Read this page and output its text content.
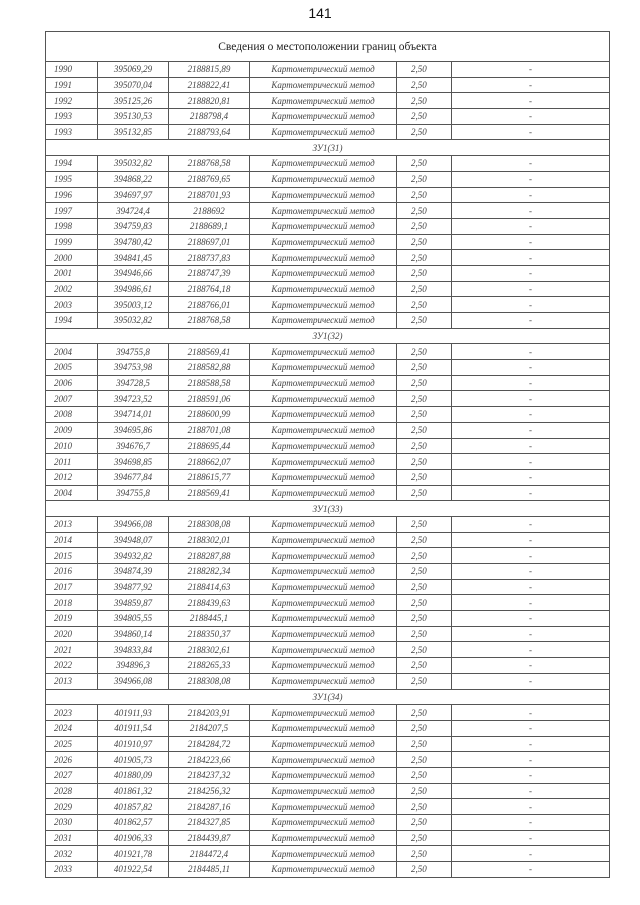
141
Сведения о местоположении границ объекта					
1990	395069,29	2188815,89	Картометрический метод	2,50	-
1991	395070,04	2188822,41	Картометрический метод	2,50	-
1992	395125,26	2188820,81	Картометрический метод	2,50	-
1993	395130,53	2188798,4	Картометрический метод	2,50	-
1993	395132,85	2188793,64	Картометрический метод	2,50	-
ЗУ1(31)					
1994	395032,82	2188768,58	Картометрический метод	2,50	-
1995	394868,22	2188769,65	Картометрический метод	2,50	-
1996	394697,97	2188701,93	Картометрический метод	2,50	-
1997	394724,4	2188692	Картометрический метод	2,50	-
1998	394759,83	2188689,1	Картометрический метод	2,50	-
1999	394780,42	2188697,01	Картометрический метод	2,50	-
2000	394841,45	2188737,83	Картометрический метод	2,50	-
2001	394946,66	2188747,39	Картометрический метод	2,50	-
2002	394986,61	2188764,18	Картометрический метод	2,50	-
2003	395003,12	2188766,01	Картометрический метод	2,50	-
1994	395032,82	2188768,58	Картометрический метод	2,50	-
ЗУ1(32)					
2004	394755,8	2188569,41	Картометрический метод	2,50	-
2005	394753,98	2188582,88	Картометрический метод	2,50	-
2006	394728,5	2188588,58	Картометрический метод	2,50	-
2007	394723,52	2188591,06	Картометрический метод	2,50	-
2008	394714,01	2188600,99	Картометрический метод	2,50	-
2009	394695,86	2188701,08	Картометрический метод	2,50	-
2010	394676,7	2188695,44	Картометрический метод	2,50	-
2011	394698,85	2188662,07	Картометрический метод	2,50	-
2012	394677,84	2188615,77	Картометрический метод	2,50	-
2004	394755,8	2188569,41	Картометрический метод	2,50	-
ЗУ1(33)					
2013	394966,08	2188308,08	Картометрический метод	2,50	-
2014	394948,07	2188302,01	Картометрический метод	2,50	-
2015	394932,82	2188287,88	Картометрический метод	2,50	-
2016	394874,39	2188282,34	Картометрический метод	2,50	-
2017	394877,92	2188414,63	Картометрический метод	2,50	-
2018	394859,87	2188439,63	Картометрический метод	2,50	-
2019	394805,55	2188445,1	Картометрический метод	2,50	-
2020	394860,14	2188350,37	Картометрический метод	2,50	-
2021	394833,84	2188302,61	Картометрический метод	2,50	-
2022	394896,3	2188265,33	Картометрический метод	2,50	-
2013	394966,08	2188308,08	Картометрический метод	2,50	-
ЗУ1(34)					
2023	401911,93	2184203,91	Картометрический метод	2,50	-
2024	401911,54	2184207,5	Картометрический метод	2,50	-
2025	401910,97	2184284,72	Картометрический метод	2,50	-
2026	401905,73	2184223,66	Картометрический метод	2,50	-
2027	401880,09	2184237,32	Картометрический метод	2,50	-
2028	401861,32	2184256,32	Картометрический метод	2,50	-
2029	401857,82	2184287,16	Картометрический метод	2,50	-
2030	401862,57	2184327,85	Картометрический метод	2,50	-
2031	401906,33	2184439,87	Картометрический метод	2,50	-
2032	401921,78	2184472,4	Картометрический метод	2,50	-
2033	401922,54	2184485,11	Картометрический метод	2,50	-
